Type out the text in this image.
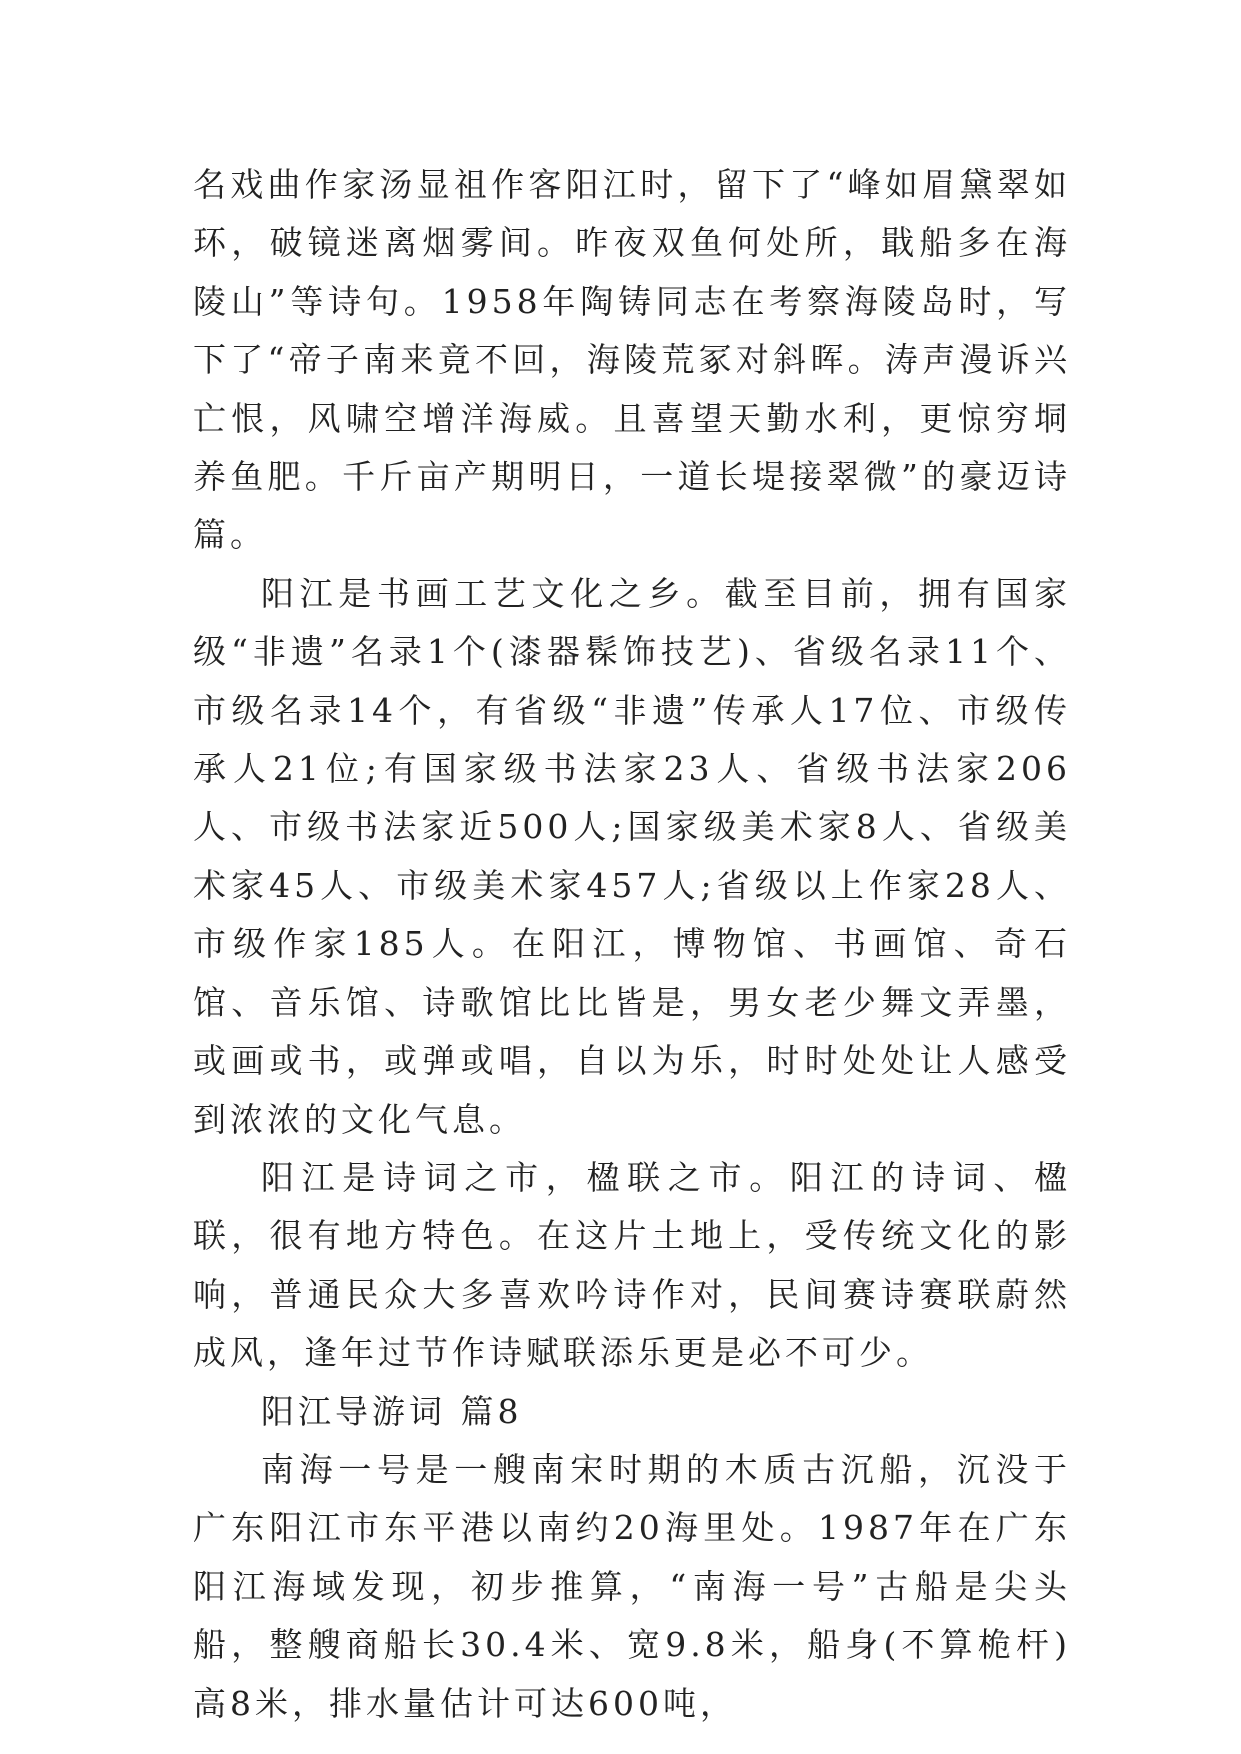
名戏曲作家汤显祖作客阳江时，留下了“峰如眉黛翠如环，破镜迷离烟雾间。昨夜双鱼何处所，戢船多在海陵山”等诗句。1958年陶铸同志在考察海陵岛时，写下了“帝子南来竟不回，海陵荒冢对斜晖。涛声漫诉兴亡恨，风啸空增洋海威。且喜望天勤水利，更惊穷垌养鱼肥。千斤亩产期明日，一道长堤接翠微”的豪迈诗篇。

阳江是书画工艺文化之乡。截至目前，拥有国家级“非遗”名录1个(漆器髹饰技艺)、省级名录11个、市级名录14个，有省级“非遗”传承人17位、市级传承人21位;有国家级书法家23人、省级书法家206人、市级书法家近500人;国家级美术家8人、省级美术家45人、市级美术家457人;省级以上作家28人、市级作家185人。在阳江，博物馆、书画馆、奇石馆、音乐馆、诗歌馆比比皆是，男女老少舞文弄墨，或画或书，或弹或唱，自以为乐，时时处处让人感受到浓浓的文化气息。

阳江是诗词之市，楹联之市。阳江的诗词、楹联，很有地方特色。在这片土地上，受传统文化的影响，普通民众大多喜欢吟诗作对，民间赛诗赛联蔚然成风，逢年过节作诗赋联添乐更是必不可少。

阳江导游词 篇8

南海一号是一艘南宋时期的木质古沉船，沉没于广东阳江市东平港以南约20海里处。1987年在广东阳江海域发现，初步推算，“南海一号”古船是尖头船，整艘商船长30.4米、宽9.8米，船身(不算桅杆)高8米，排水量估计可达600吨，
